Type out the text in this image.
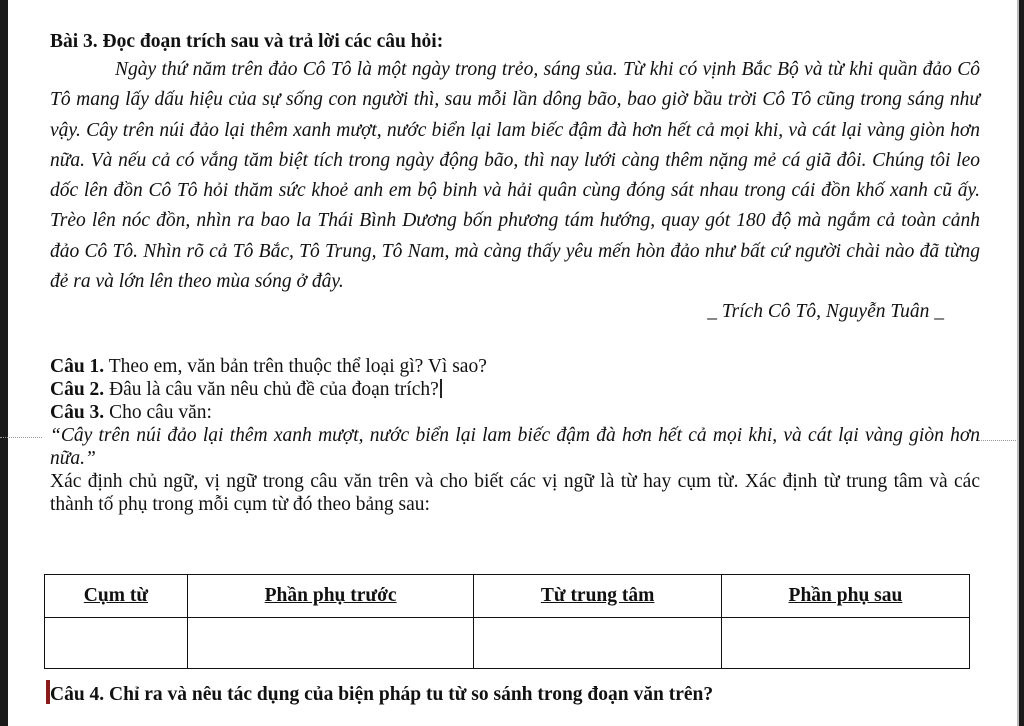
Bài 3. Đọc đoạn trích sau và trả lời các câu hỏi:

Ngày thứ năm trên đảo Cô Tô là một ngày trong trẻo, sáng sủa. Từ khi có vịnh Bắc Bộ và từ khi quần đảo Cô Tô mang lấy dấu hiệu của sự sống con người thì, sau mỗi lần dông bão, bao giờ bầu trời Cô Tô cũng trong sáng như vậy. Cây trên núi đảo lại thêm xanh mượt, nước biển lại lam biếc đậm đà hơn hết cả mọi khi, và cát lại vàng giòn hơn nữa. Và nếu cả có vắng tăm biệt tích trong ngày động bão, thì nay lưới càng thêm nặng mẻ cá giã đôi. Chúng tôi leo dốc lên đồn Cô Tô hỏi thăm sức khoẻ anh em bộ binh và hải quân cùng đóng sát nhau trong cái đồn khố xanh cũ ấy. Trèo lên nóc đồn, nhìn ra bao la Thái Bình Dương bốn phương tám hướng, quay gót 180 độ mà ngắm cả toàn cảnh đảo Cô Tô. Nhìn rõ cả Tô Bắc, Tô Trung, Tô Nam, mà càng thấy yêu mến hòn đảo như bất cứ người chài nào đã từng đẻ ra và lớn lên theo mùa sóng ở đây.

_ Trích Cô Tô, Nguyễn Tuân _

Câu 1. Theo em, văn bản trên thuộc thể loại gì? Vì sao?

Câu 2. Đâu là câu văn nêu chủ đề của đoạn trích?

Câu 3. Cho câu văn:

“Cây trên núi đảo lại thêm xanh mượt, nước biển lại lam biếc đậm đà hơn hết cả mọi khi, và cát lại vàng giòn hơn nữa.”

Xác định chủ ngữ, vị ngữ trong câu văn trên và cho biết các vị ngữ là từ hay cụm từ. Xác định từ trung tâm và các thành tố phụ trong mỗi cụm từ đó theo bảng sau:

Cụm từ	Phần phụ trước	Từ trung tâm	Phần phụ sau

Câu 4. Chỉ ra và nêu tác dụng của biện pháp tu từ so sánh trong đoạn văn trên?
